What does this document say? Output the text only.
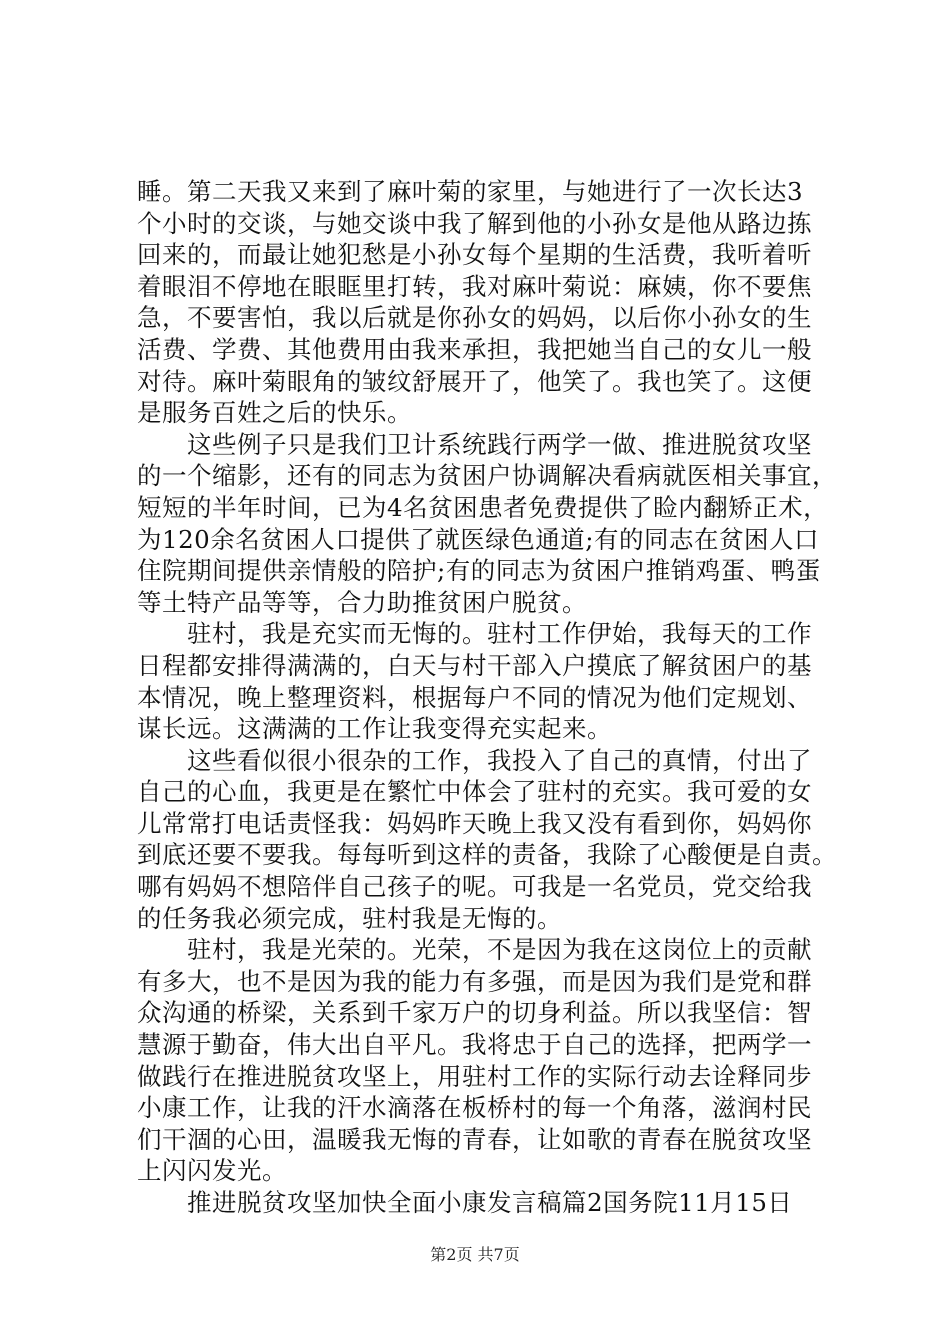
睡。第二天我又来到了麻叶菊的家里，与她进行了一次长达3
个小时的交谈，与她交谈中我了解到他的小孙女是他从路边拣
回来的，而最让她犯愁是小孙女每个星期的生活费，我听着听
着眼泪不停地在眼眶里打转，我对麻叶菊说：麻姨，你不要焦
急，不要害怕，我以后就是你孙女的妈妈，以后你小孙女的生
活费、学费、其他费用由我来承担，我把她当自己的女儿一般
对待。麻叶菊眼角的皱纹舒展开了，他笑了。我也笑了。这便
是服务百姓之后的快乐。

　　这些例子只是我们卫计系统践行两学一做、推进脱贫攻坚
的一个缩影，还有的同志为贫困户协调解决看病就医相关事宜，
短短的半年时间，已为4名贫困患者免费提供了睑内翻矫正术，
为120余名贫困人口提供了就医绿色通道;有的同志在贫困人口
住院期间提供亲情般的陪护;有的同志为贫困户推销鸡蛋、鸭蛋
等土特产品等等，合力助推贫困户脱贫。

　　驻村，我是充实而无悔的。驻村工作伊始，我每天的工作
日程都安排得满满的，白天与村干部入户摸底了解贫困户的基
本情况，晚上整理资料，根据每户不同的情况为他们定规划、
谋长远。这满满的工作让我变得充实起来。

　　这些看似很小很杂的工作，我投入了自己的真情，付出了
自己的心血，我更是在繁忙中体会了驻村的充实。我可爱的女
儿常常打电话责怪我：妈妈昨天晚上我又没有看到你，妈妈你
到底还要不要我。每每听到这样的责备，我除了心酸便是自责。
哪有妈妈不想陪伴自己孩子的呢。可我是一名党员，党交给我
的任务我必须完成，驻村我是无悔的。

　　驻村，我是光荣的。光荣，不是因为我在这岗位上的贡献
有多大，也不是因为我的能力有多强，而是因为我们是党和群
众沟通的桥梁，关系到千家万户的切身利益。所以我坚信：智
慧源于勤奋，伟大出自平凡。我将忠于自己的选择，把两学一
做践行在推进脱贫攻坚上，用驻村工作的实际行动去诠释同步
小康工作，让我的汗水滴落在板桥村的每一个角落，滋润村民
们干涸的心田，温暖我无悔的青春，让如歌的青春在脱贫攻坚
上闪闪发光。

　　推进脱贫攻坚加快全面小康发言稿篇2国务院11月15日

第2页 共7页
